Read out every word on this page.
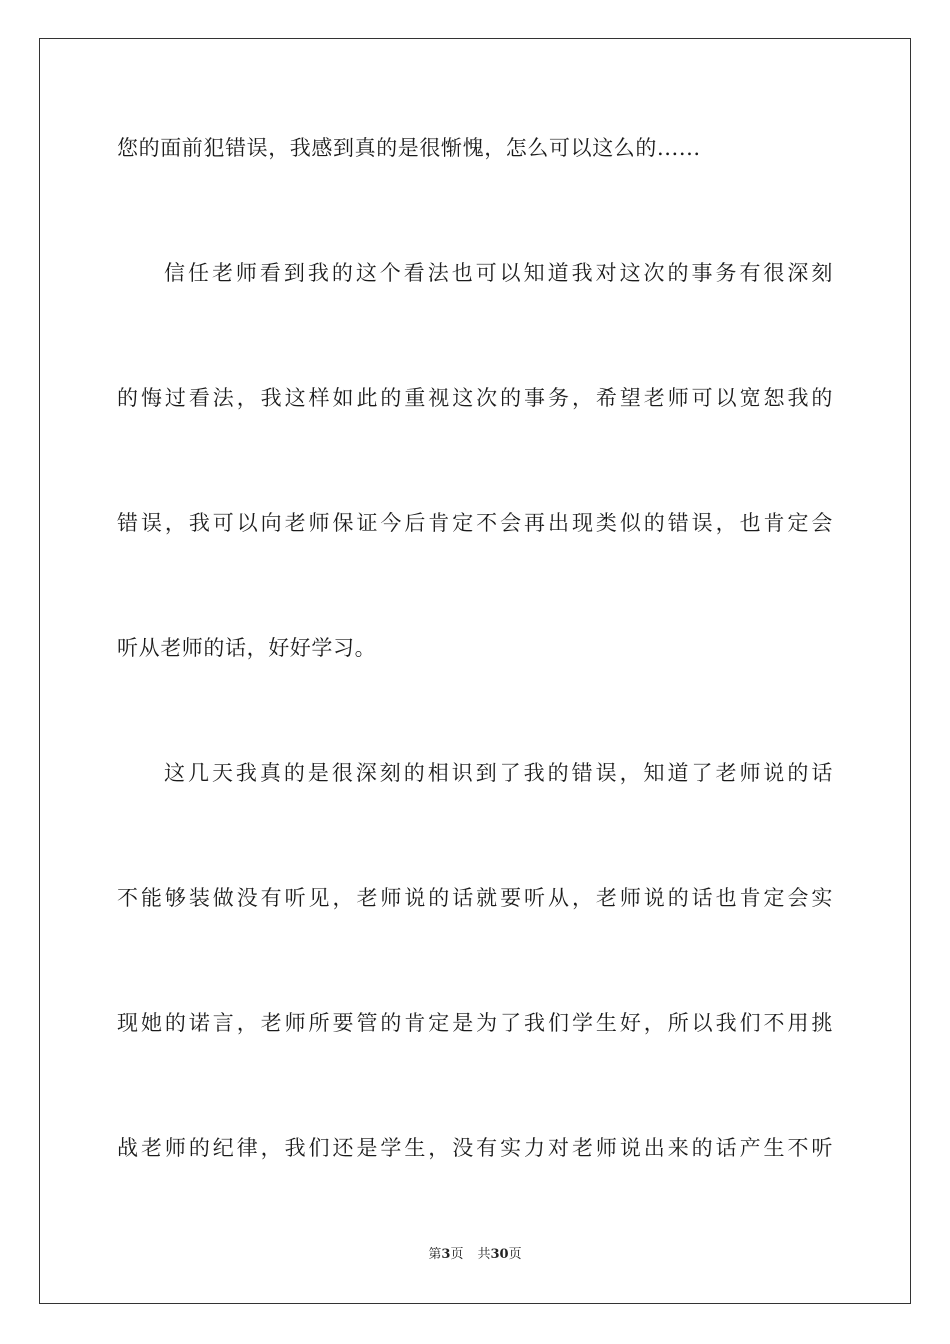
您的面前犯错误，我感到真的是很惭愧，怎么可以这么的......
信任老师看到我的这个看法也可以知道我对这次的事务有很深刻
的悔过看法，我这样如此的重视这次的事务，希望老师可以宽恕我的
错误，我可以向老师保证今后肯定不会再出现类似的错误，也肯定会
听从老师的话，好好学习。
这几天我真的是很深刻的相识到了我的错误，知道了老师说的话
不能够装做没有听见，老师说的话就要听从，老师说的话也肯定会实
现她的诺言，老师所要管的肯定是为了我们学生好，所以我们不用挑
战老师的纪律，我们还是学生，没有实力对老师说出来的话产生不听
第3页 共30页
